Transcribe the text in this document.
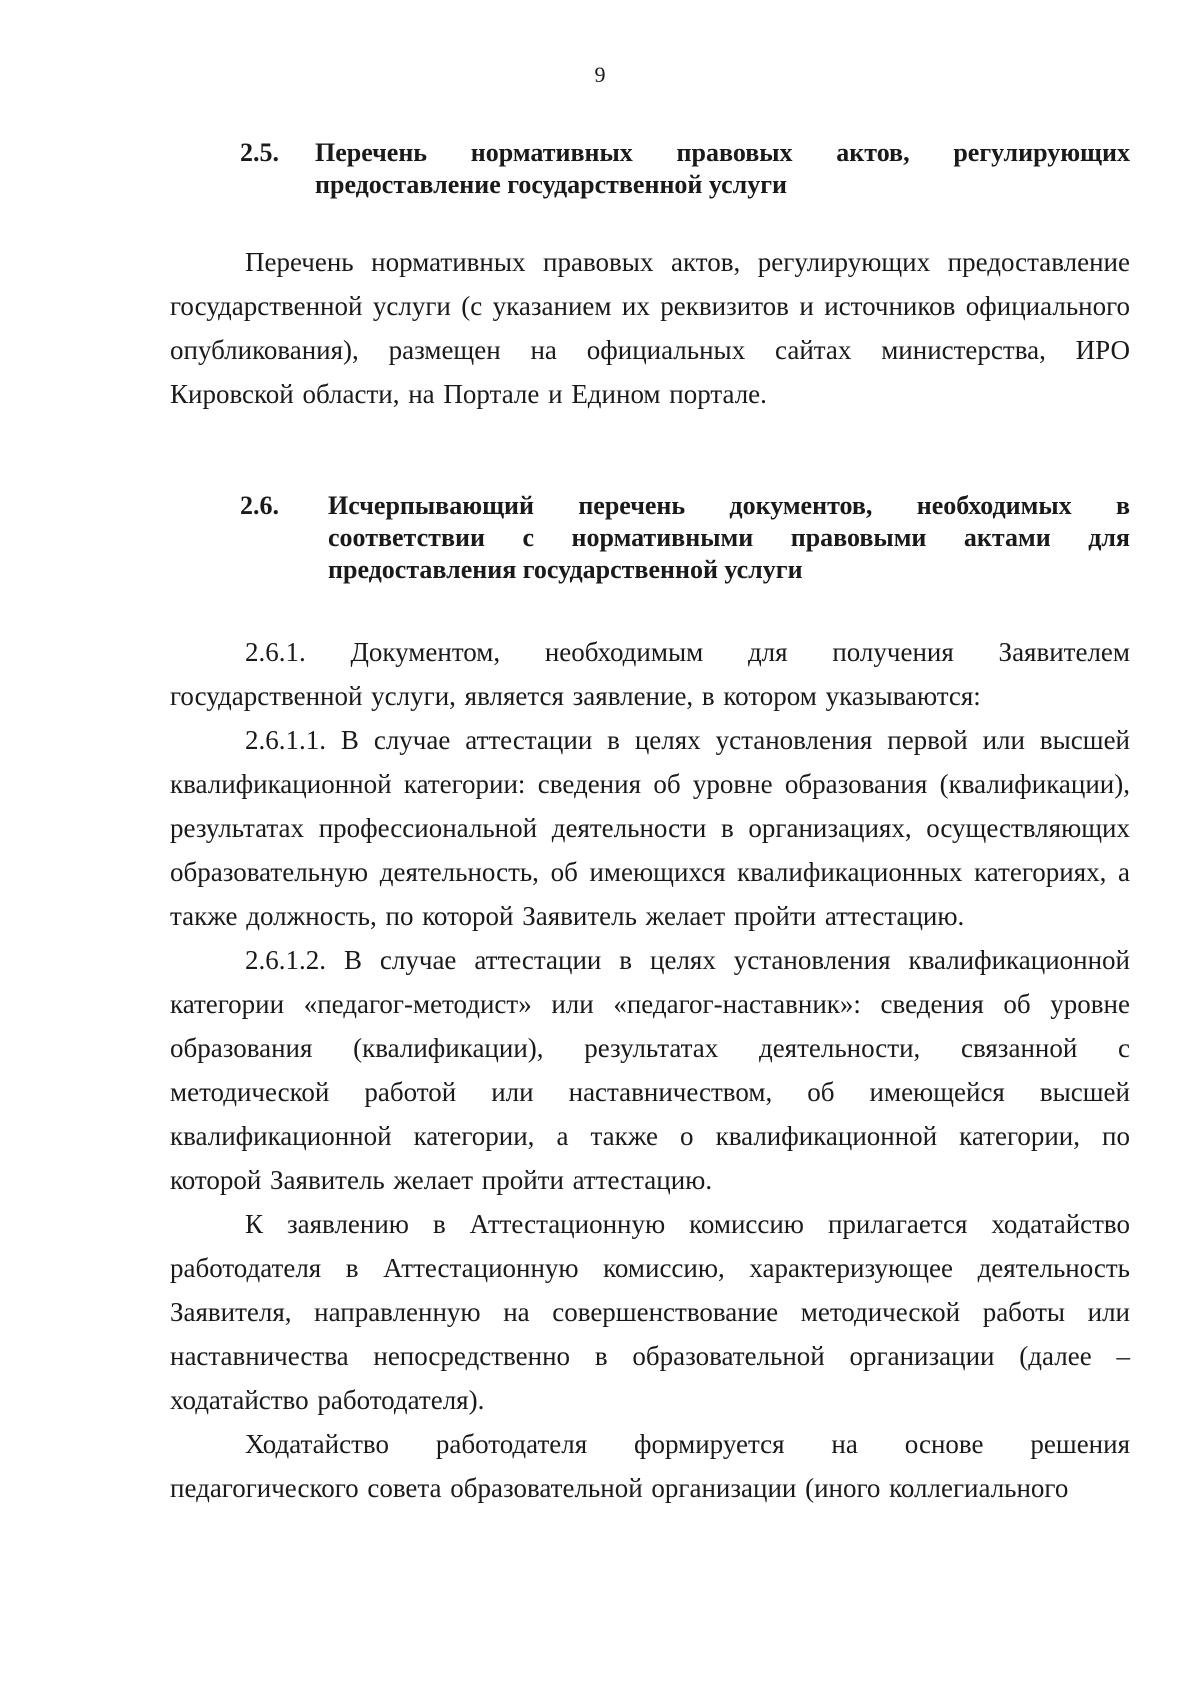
9
2.5. Перечень нормативных правовых актов, регулирующих предоставление государственной услуги

Перечень нормативных правовых актов, регулирующих предоставление государственной услуги (с указанием их реквизитов и источников официального опубликования), размещен на официальных сайтах министерства, ИРО Кировской области, на Портале и Едином портале.

2.6. Исчерпывающий перечень документов, необходимых в соответствии с нормативными правовыми актами для предоставления государственной услуги

2.6.1. Документом, необходимым для получения Заявителем государственной услуги, является заявление, в котором указываются:

2.6.1.1. В случае аттестации в целях установления первой или высшей квалификационной категории: сведения об уровне образования (квалификации), результатах профессиональной деятельности в организациях, осуществляющих образовательную деятельность, об имеющихся квалификационных категориях, а также должность, по которой Заявитель желает пройти аттестацию.

2.6.1.2. В случае аттестации в целях установления квалификационной категории «педагог-методист» или «педагог-наставник»: сведения об уровне образования (квалификации), результатах деятельности, связанной с методической работой или наставничеством, об имеющейся высшей квалификационной категории, а также о квалификационной категории, по которой Заявитель желает пройти аттестацию.

К заявлению в Аттестационную комиссию прилагается ходатайство работодателя в Аттестационную комиссию, характеризующее деятельность Заявителя, направленную на совершенствование методической работы или наставничества непосредственно в образовательной организации (далее – ходатайство работодателя).

Ходатайство работодателя формируется на основе решения педагогического совета образовательной организации (иного коллегиального
